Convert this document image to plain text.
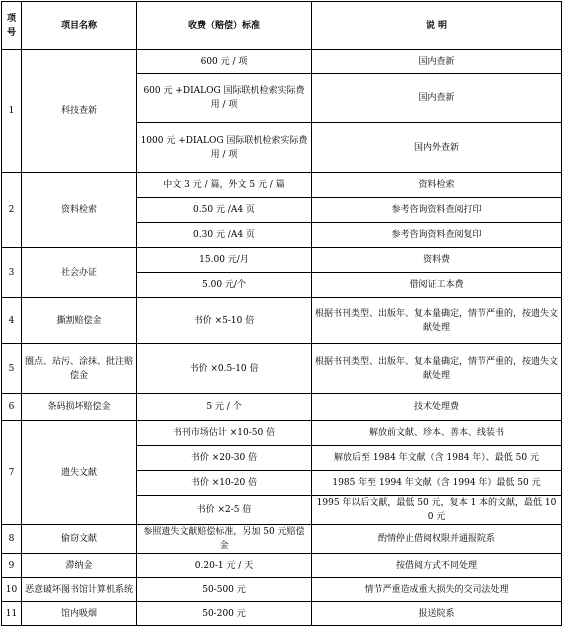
项号	项目名称	收费（赔偿）标准	说 明
1	科技查新	600 元 / 项	国内查新
		600 元 +DIALOG 国际联机检索实际费用 / 项	国内查新
		1000 元 +DIALOG 国际联机检索实际费用 / 项	国内外查新
2	资料检索	中文 3 元 / 篇，外文 5 元 / 篇	资料检索
		0.50 元 /A4 页	参考咨询资料查阅打印
		0.30 元 /A4 页	参考咨询资料查阅复印
3	社会办证	15.00 元/月	资料费
		5.00 元/个	借阅证工本费
4	撕割赔偿金	书价 ×5-10 倍	根据书刊类型、出版年、复本量确定，情节严重的，按遗失文献处理
5	圈点、玷污、涂抹、批注赔偿金	书价 ×0.5-10 倍	根据书刊类型、出版年、复本量确定，情节严重的，按遗失文献处理
6	条码损坏赔偿金	5 元 / 个	技术处理费
7	遗失文献	书刊市场估计 ×10-50 倍	解放前文献、珍本、善本、线装书
		书价 ×20-30 倍	解放后至 1984 年文献（含 1984 年）、最低 50 元
		书价 ×10-20 倍	1985 年至 1994 年文献（含 1994 年）最低 50 元
		书价 ×2-5 倍	1995 年以后文献，最低 50 元，复本 1 本的文献，最低 100 元
8	偷窃文献	参照遗失文献赔偿标准，另加 50 元赔偿金	酌情停止借阅权限并通报院系
9	滞纳金	0.20-1 元 / 天	按借阅方式不同处理
10	恶意破坏图书馆计算机系统	50-500 元	情节严重造成重大损失的交司法处理
11	馆内吸烟	50-200 元	报送院系
